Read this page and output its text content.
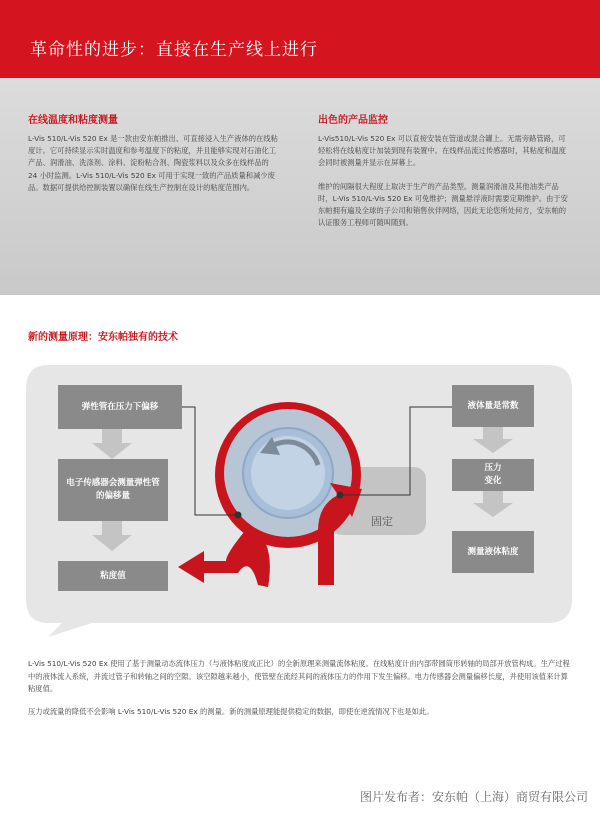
革命性的进步：直接在生产线上进行

在线温度和粘度测量

L-Vis 510/L-Vis 520 Ex 是一款由安东帕推出、可直接浸入生产液体的在线粘度计。它可持续显示实时温度和参考温度下的粘度，并且能够实现对石油化工产品、润滑油、洗涤剂、涂料、淀粉粘合剂、陶瓷浆料以及众多在线样品的 24 小时监测。L-Vis 510/L-Vis 520 Ex 可用于实现一致的产品质量和减少废品。数据可提供给控制装置以确保在线生产控制在设计的粘度范围内。

出色的产品监控

L-Vis510/L-Vis 520 Ex 可以直接安装在管道或混合罐上。无需旁路管路，可轻松将在线粘度计加装到现有装置中。在线样品流过传感器时，其粘度和温度会同时被测量并显示在屏幕上。

维护的间隔很大程度上取决于生产的产品类型。测量润滑油及其他油类产品时，L-Vis 510/L-Vis 520 Ex 可免维护；测量悬浮液时需要定期维护。由于安东帕拥有遍及全球的子公司和销售伙伴网络，因此无论您所处何方，安东帕的认证服务工程师可随叫随到。

新的测量原理：安东帕独有的技术
弹性管在压力下偏移
电子传感器会测量弹性管的偏移量
粘度值
液体量是常数
压力
变化
测量液体粘度
固定

L-Vis 510/L-Vis 520 Ex 使用了基于测量动态流体压力（与液体粘度成正比）的全新原理来测量流体粘度。在线粘度计由内部带圆筒形转轴的局部开放管构成。生产过程中的液体流入系统，并流过管子和转轴之间的空隙。该空隙越来越小，使管壁在流经其间的液体压力的作用下发生偏移。电力传感器会测量偏移长度，并使用该值来计算粘度值。

压力或流量的降低不会影响 L-Vis 510/L-Vis 520 Ex 的测量。新的测量原理能提供稳定的数据，即使在逆流情况下也是如此。

图片发布者：安东帕（上海）商贸有限公司
